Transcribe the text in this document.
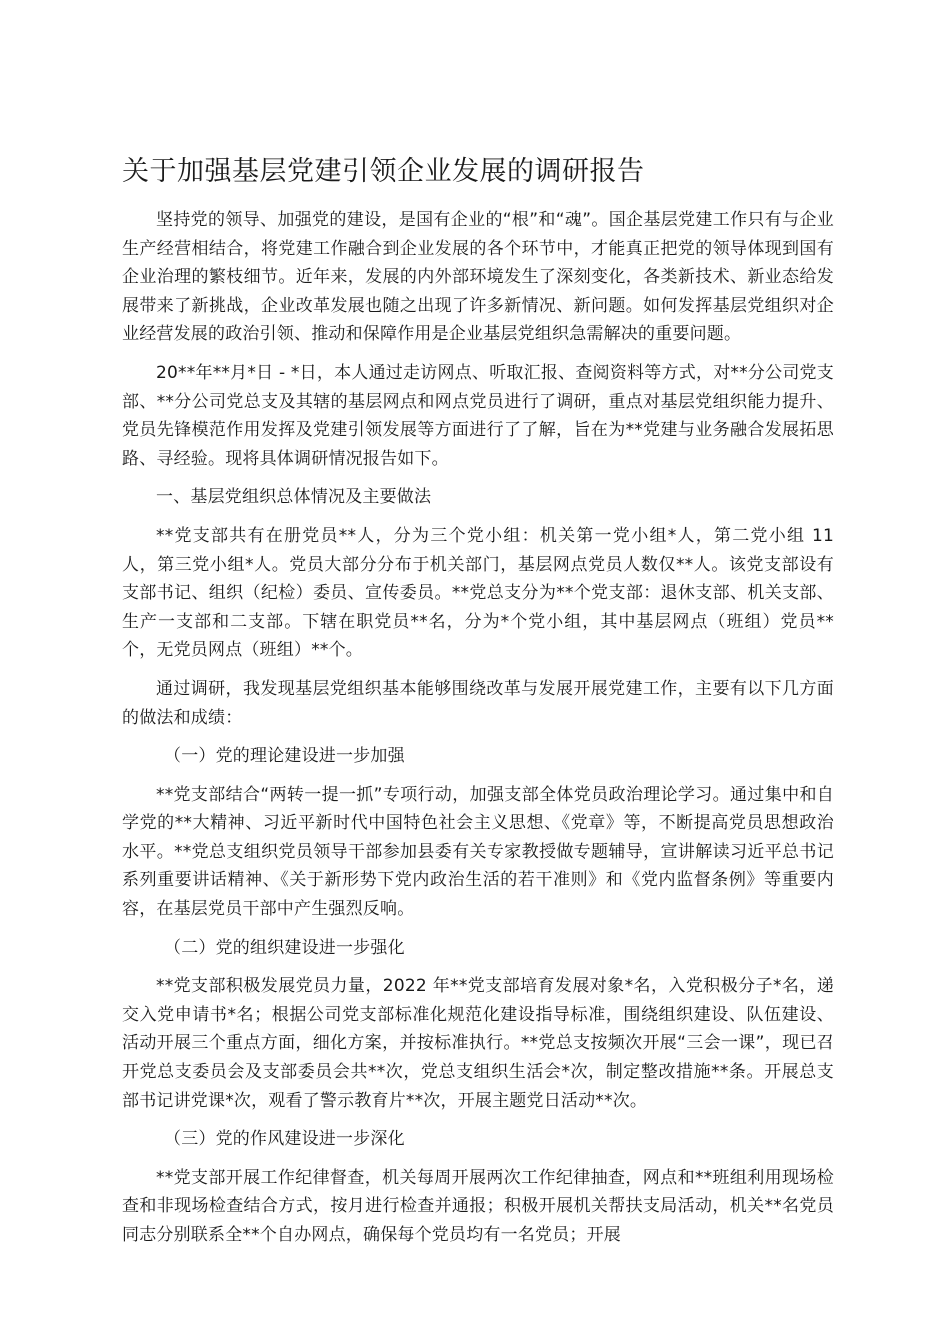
关于加强基层党建引领企业发展的调研报告

坚持党的领导、加强党的建设，是国有企业的“根”和“魂”。国企基层党建工作只有与企业生产经营相结合，将党建工作融合到企业发展的各个环节中，才能真正把党的领导体现到国有企业治理的繁枝细节。近年来，发展的内外部环境发生了深刻变化，各类新技术、新业态给发展带来了新挑战，企业改革发展也随之出现了许多新情况、新问题。如何发挥基层党组织对企业经营发展的政治引领、推动和保障作用是企业基层党组织急需解决的重要问题。

20**年**月*日 - *日，本人通过走访网点、听取汇报、查阅资料等方式，对**分公司党支部、**分公司党总支及其辖的基层网点和网点党员进行了调研，重点对基层党组织能力提升、党员先锋模范作用发挥及党建引领发展等方面进行了了解，旨在为**党建与业务融合发展拓思路、寻经验。现将具体调研情况报告如下。

一、基层党组织总体情况及主要做法

**党支部共有在册党员**人，分为三个党小组：机关第一党小组*人，第二党小组 11 人，第三党小组*人。党员大部分分布于机关部门，基层网点党员人数仅**人。该党支部设有支部书记、组织（纪检）委员、宣传委员。**党总支分为**个党支部：退休支部、机关支部、生产一支部和二支部。下辖在职党员**名，分为*个党小组，其中基层网点（班组）党员**个，无党员网点（班组）**个。

通过调研，我发现基层党组织基本能够围绕改革与发展开展党建工作，主要有以下几方面的做法和成绩：

（一）党的理论建设进一步加强

**党支部结合“两转一提一抓”专项行动，加强支部全体党员政治理论学习。通过集中和自学党的**大精神、习近平新时代中国特色社会主义思想、《党章》等，不断提高党员思想政治水平。**党总支组织党员领导干部参加县委有关专家教授做专题辅导，宣讲解读习近平总书记系列重要讲话精神、《关于新形势下党内政治生活的若干准则》和《党内监督条例》等重要内容，在基层党员干部中产生强烈反响。

（二）党的组织建设进一步强化

**党支部积极发展党员力量，2022 年**党支部培育发展对象*名，入党积极分子*名，递交入党申请书*名；根据公司党支部标准化规范化建设指导标准，围绕组织建设、队伍建设、活动开展三个重点方面，细化方案，并按标准执行。**党总支按频次开展“三会一课”，现已召开党总支委员会及支部委员会共**次，党总支组织生活会*次，制定整改措施**条。开展总支部书记讲党课*次，观看了警示教育片**次，开展主题党日活动**次。

（三）党的作风建设进一步深化

**党支部开展工作纪律督查，机关每周开展两次工作纪律抽查，网点和**班组利用现场检查和非现场检查结合方式，按月进行检查并通报；积极开展机关帮扶支局活动，机关**名党员同志分别联系全**个自办网点，确保每个党员均有一名党员；开展
